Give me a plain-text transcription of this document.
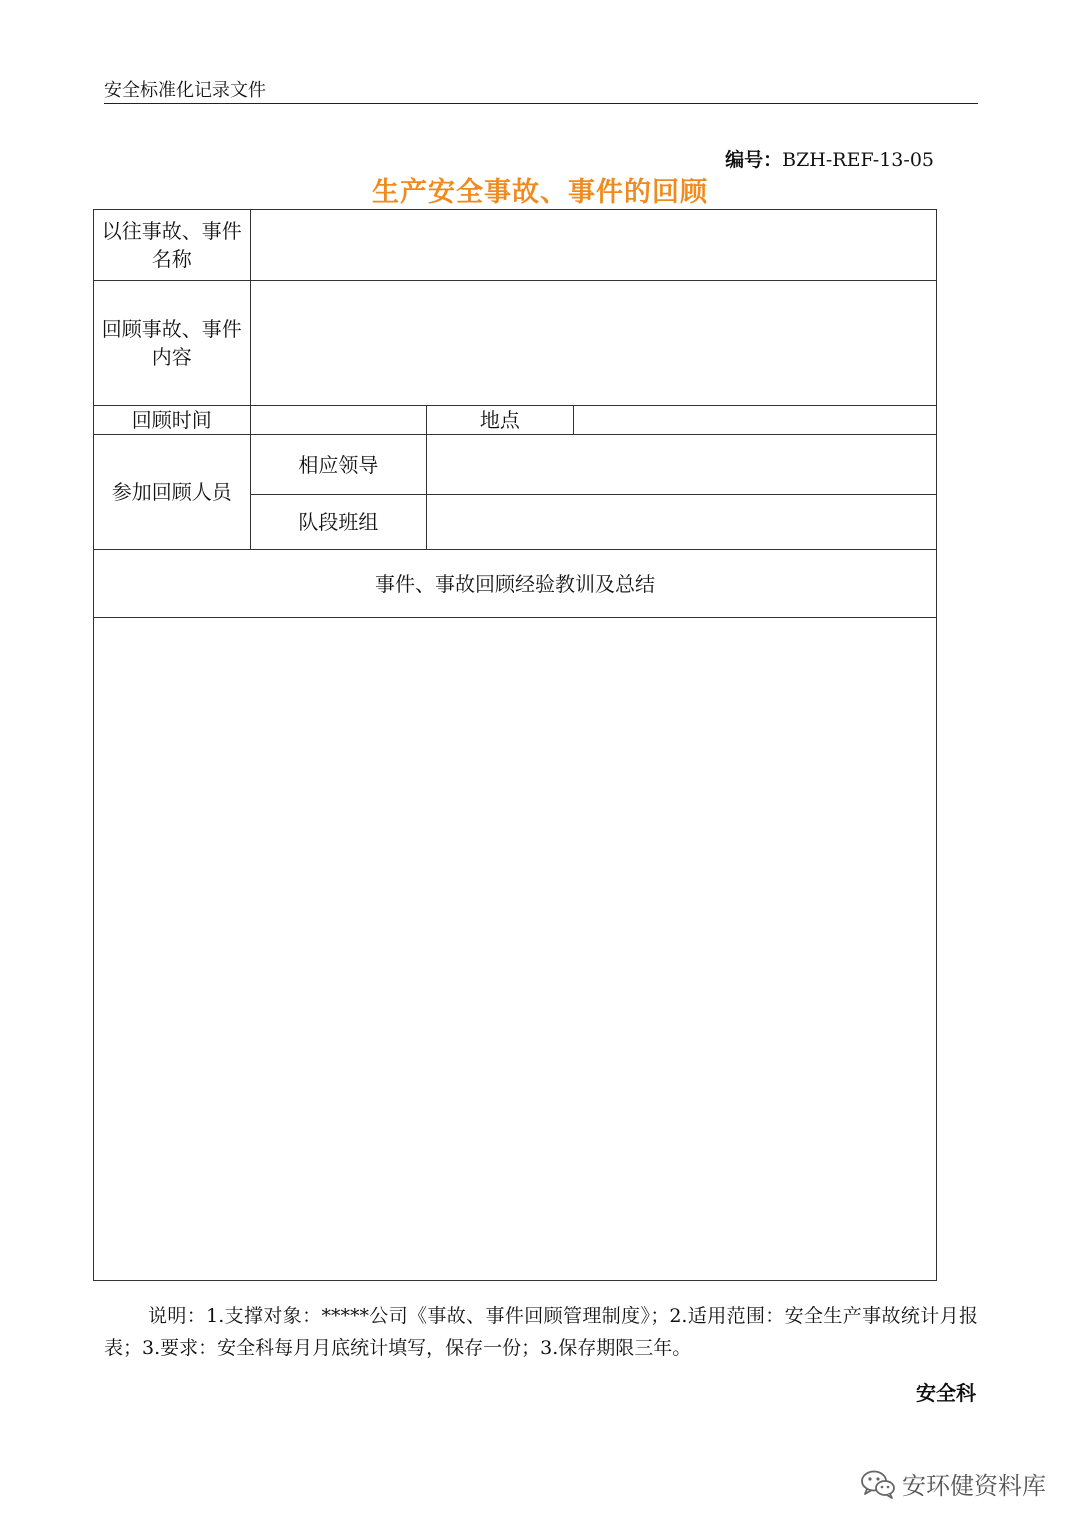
安全标准化记录文件
编号：BZH-REF-13-05
生产安全事故、事件的回顾
以往事故、事件名称			
回顾事故、事件内容			
回顾时间		地点	
参加回顾人员	相应领导		
	队段班组		
事件、事故回顾经验教训及总结			

说明：1.支撑对象：*****公司《事故、事件回顾管理制度》；2.适用范围：安全生产事故统计月报表；3.要求：安全科每月月底统计填写，保存一份；3.保存期限三年。
安全科
安环健资料库
